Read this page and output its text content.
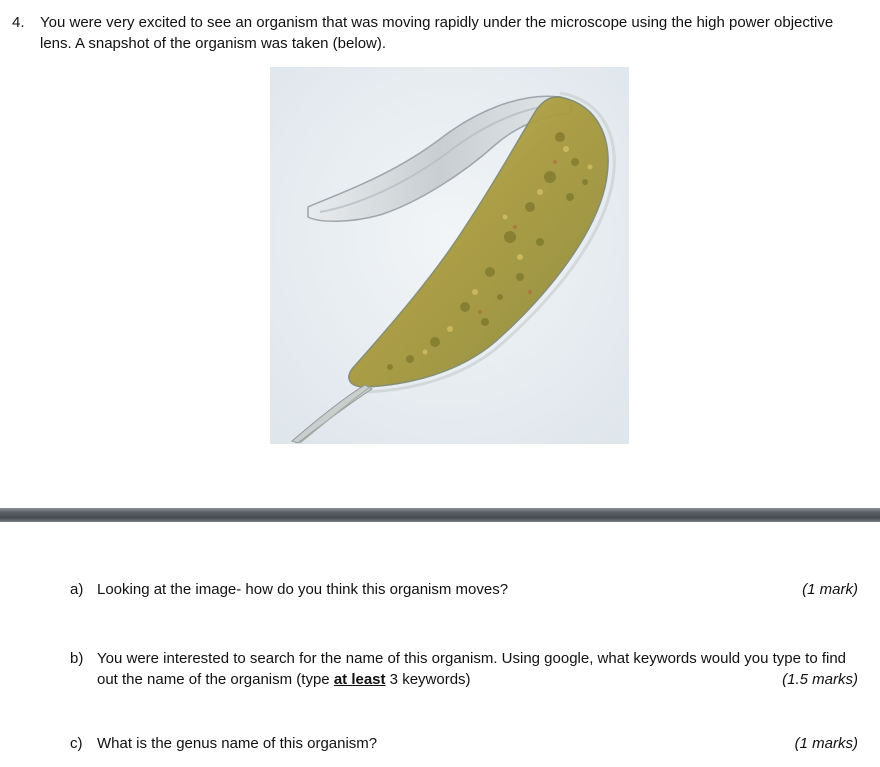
4. You were very excited to see an organism that was moving rapidly under the microscope using the high power objective lens. A snapshot of the organism was taken (below).
a) Looking at the image- how do you think this organism moves?	(1 mark)
b) You were interested to search for the name of this organism. Using google, what keywords would you type to find out the name of the organism (type at least 3 keywords)	(1.5 marks)
c) What is the genus name of this organism?	(1 marks)
